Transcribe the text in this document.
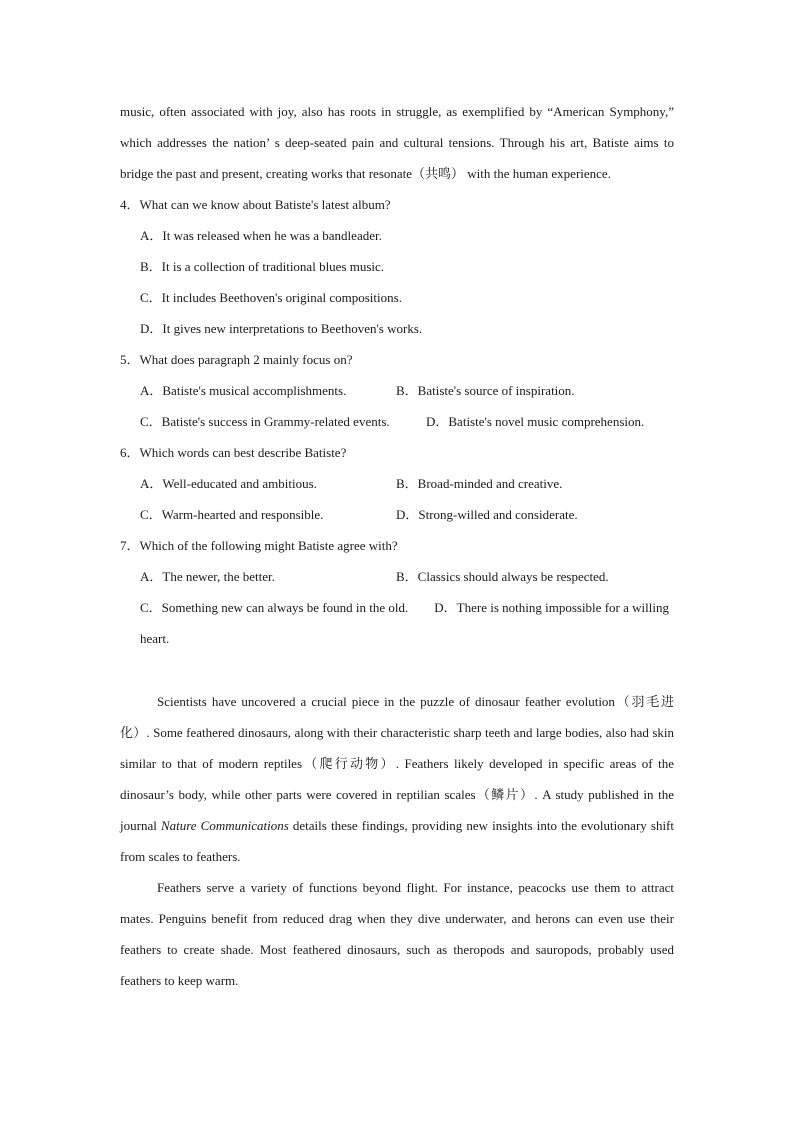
music, often associated with joy, also has roots in struggle, as exemplified by “American Symphony,” which addresses the nation’ s deep-seated pain and cultural tensions. Through his art, Batiste aims to bridge the past and present, creating works that resonate（共鸣） with the human experience.

4．What can we know about Batiste's latest album?

A．It was released when he was a bandleader.

B．It is a collection of traditional blues music.

C．It includes Beethoven's original compositions.

D．It gives new interpretations to Beethoven's works.

5．What does paragraph 2 mainly focus on?

A．Batiste's musical accomplishments.	B．Batiste's source of inspiration.
C．Batiste's success in Grammy-related events.	D．Batiste's novel music comprehension.

6．Which words can best describe Batiste?

A．Well-educated and ambitious.	B．Broad-minded and creative.
C．Warm-hearted and responsible.	D．Strong-willed and considerate.

7．Which of the following might Batiste agree with?

A．The newer, the better.	B．Classics should always be respected.

C．Something new can always be found in the old. D．There is nothing impossible for a willing heart.

Scientists have uncovered a crucial piece in the puzzle of dinosaur feather evolution（羽毛进化）. Some feathered dinosaurs, along with their characteristic sharp teeth and large bodies, also had skin similar to that of modern reptiles（爬行动物）. Feathers likely developed in specific areas of the dinosaur’s body, while other parts were covered in reptilian scales（鳞片）. A study published in the journal Nature Communications details these findings, providing new insights into the evolutionary shift from scales to feathers.

Feathers serve a variety of functions beyond flight. For instance, peacocks use them to attract mates. Penguins benefit from reduced drag when they dive underwater, and herons can even use their feathers to create shade. Most feathered dinosaurs, such as theropods and sauropods, probably used feathers to keep warm.
